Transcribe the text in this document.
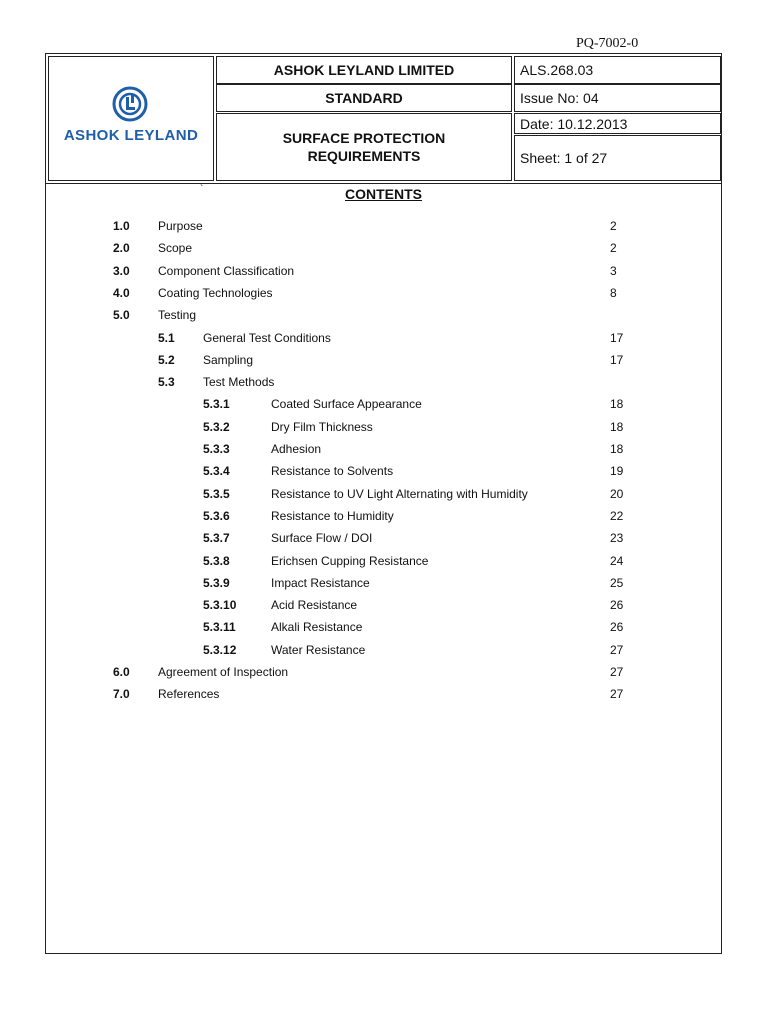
PQ-7002-0
ASHOK LEYLAND
ASHOK LEYLAND LIMITED
STANDARD
SURFACE PROTECTION
REQUIREMENTS
ALS.268.03
Issue No: 04
Date: 10.12.2013
Sheet: 1 of 27
`	CONTENTS
1.0 Purpose	2
2.0 Scope	2
3.0 Component Classification	3
4.0 Coating Technologies	8
5.0 Testing
5.1 General Test Conditions	17
5.2 Sampling	17
5.3 Test Methods
5.3.1	Coated Surface Appearance	18
5.3.2	Dry Film Thickness	18
5.3.3	Adhesion	18
5.3.4	Resistance to Solvents	19
5.3.5	Resistance to UV Light Alternating with Humidity	20
5.3.6	Resistance to Humidity	22
5.3.7	Surface Flow / DOI	23
5.3.8	Erichsen Cupping Resistance	24
5.3.9	Impact Resistance	25
5.3.10	Acid Resistance	26
5.3.11	Alkali Resistance	26
5.3.12	Water Resistance	27
6.0 Agreement of Inspection	27
7.0 References	27
